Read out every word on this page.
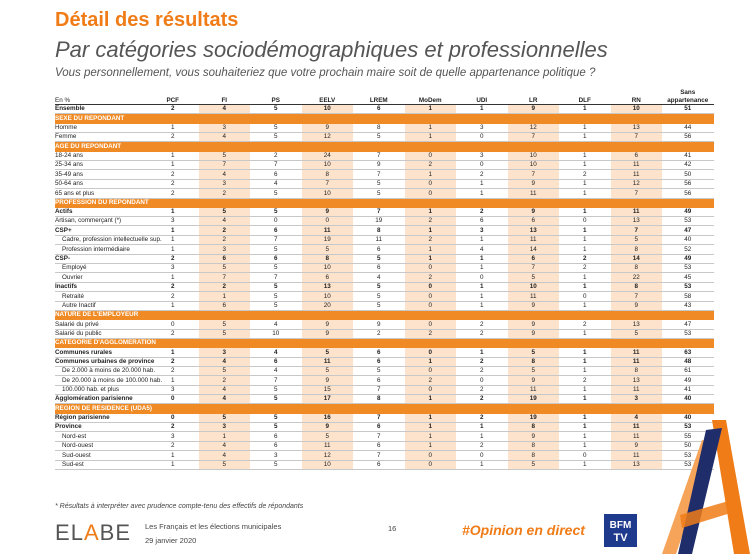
Détail des résultats
Par catégories sociodémographiques et professionnelles
Vous personnellement, vous souhaiteriez que votre prochain maire soit de quelle appartenance politique ?
En %	PCF	FI	PS	EELV	LREM	MoDem	UDI	LR	DLF	RN	Sans appartenance
Ensemble	2	4	5	10	6	1	1	9	1	10	51
SEXE DU REPONDANT											
Homme	1	3	5	9	8	1	3	12	1	13	44
Femme	2	4	5	12	5	1	0	7	1	7	56
AGE DU REPONDANT											
18-24 ans	1	5	2	24	7	0	3	10	1	6	41
25-34 ans	1	7	7	10	9	2	0	10	1	11	42
35-49 ans	2	4	6	8	7	1	2	7	2	11	50
50-64 ans	2	3	4	7	5	0	1	9	1	12	56
65 ans et plus	2	2	5	10	5	0	1	11	1	7	56
PROFESSION DU REPONDANT											
Actifs	1	5	5	9	7	1	2	9	1	11	49
Artisan, commerçant (*)	3	4	0	0	19	2	6	6	0	13	53
CSP+	1	2	6	11	8	1	3	13	1	7	47
Cadre, profession intellectuelle sup.	1	2	7	19	11	2	1	11	1	5	40
Profession intermédiaire	1	3	5	5	6	1	4	14	1	8	52
CSP-	2	6	6	8	5	1	1	6	2	14	49
Employé	3	5	5	10	6	0	1	7	2	8	53
Ouvrier	1	7	7	6	4	2	0	5	1	22	45
Inactifs	2	2	5	13	5	0	1	10	1	8	53
Retraité	2	1	5	10	5	0	1	11	0	7	58
Autre Inactif	1	6	5	20	5	0	1	9	1	9	43
NATURE DE L'EMPLOYEUR											
Salarié du privé	0	5	4	9	9	0	2	9	2	13	47
Salarié du public	2	5	10	9	2	2	2	9	1	5	53
CATEGORIE D'AGGLOMERATION											
Communes rurales	1	3	4	5	6	0	1	5	1	11	63
Communes urbaines de province	2	4	6	11	6	1	2	8	1	11	48
De 2.000 à moins de 20.000 hab.	2	5	4	5	5	0	2	5	1	8	61
De 20.000 à moins de 100.000 hab.	1	2	7	9	6	2	0	9	2	13	49
100.000 hab. et plus	3	4	5	15	7	0	2	11	1	11	41
Agglomération parisienne	0	4	5	17	8	1	2	19	1	3	40
REGION DE RESIDENCE (UDA5)											
Région parisienne	0	5	5	16	7	1	2	19	1	4	40
Province	2	3	5	9	6	1	1	8	1	11	53
Nord-est	3	1	6	5	7	1	1	9	1	11	55
Nord-ouest	2	4	6	11	6	1	2	8	1	9	50
Sud-ouest	1	4	3	12	7	0	0	8	0	11	53
Sud-est	1	5	5	10	6	0	1	5	1	13	53
* Résultats à interpréter avec prudence compte-tenu des effectifs de répondants
ELABE Les Français et les élections municipales
29 janvier 2020
16	#Opinion en direct BFM
TV
